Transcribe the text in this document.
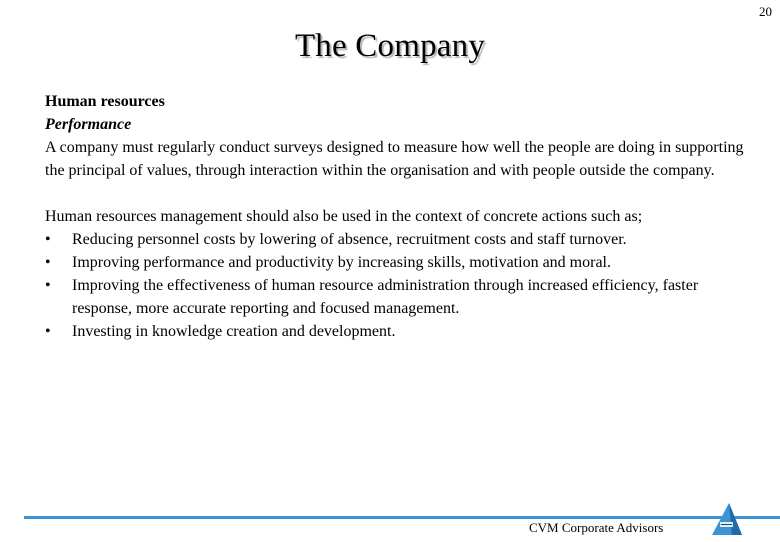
20
The Company
Human resources
Performance
A company must regularly conduct surveys designed to measure how well the people are doing in supporting the principal of values, through interaction within the organisation and with people outside the company.
Human resources management should also be used in the context of concrete actions such as;
• Reducing personnel costs by lowering of absence, recruitment costs and staff turnover.
• Improving performance and productivity by increasing skills, motivation and moral.
• Improving the effectiveness of human resource administration through increased efficiency, faster response, more accurate reporting and focused management.
• Investing in knowledge creation and development.
CVM Corporate Advisors
